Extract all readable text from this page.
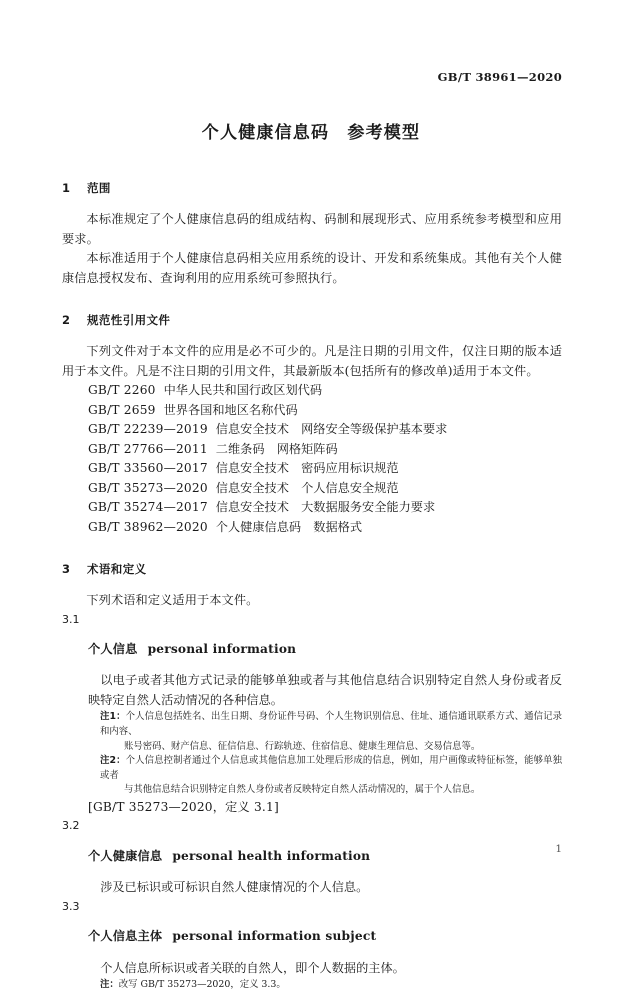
GB/T 38961—2020
个人健康信息码　参考模型
1 范围

本标准规定了个人健康信息码的组成结构、码制和展现形式、应用系统参考模型和应用要求。

本标准适用于个人健康信息码相关应用系统的设计、开发和系统集成。其他有关个人健康信息授权发布、查询利用的应用系统可参照执行。

2 规范性引用文件

下列文件对于本文件的应用是必不可少的。凡是注日期的引用文件，仅注日期的版本适用于本文件。凡是不注日期的引用文件，其最新版本(包括所有的修改单)适用于本文件。

GB/T 2260 中华人民共和国行政区划代码
GB/T 2659 世界各国和地区名称代码
GB/T 22239—2019 信息安全技术　网络安全等级保护基本要求
GB/T 27766—2011 二维条码　网格矩阵码
GB/T 33560—2017 信息安全技术　密码应用标识规范
GB/T 35273—2020 信息安全技术　个人信息安全规范
GB/T 35274—2017 信息安全技术　大数据服务安全能力要求
GB/T 38962—2020 个人健康信息码　数据格式
3 术语和定义

下列术语和定义适用于本文件。

3.1

个人信息 personal information

以电子或者其他方式记录的能够单独或者与其他信息结合识别特定自然人身份或者反映特定自然人活动情况的各种信息。

注1：个人信息包括姓名、出生日期、身份证件号码、个人生物识别信息、住址、通信通讯联系方式、通信记录和内容、
账号密码、财产信息、征信信息、行踪轨迹、住宿信息、健康生理信息、交易信息等。
注2：个人信息控制者通过个人信息或其他信息加工处理后形成的信息，例如，用户画像或特征标签，能够单独或者
与其他信息结合识别特定自然人身份或者反映特定自然人活动情况的，属于个人信息。

[GB/T 35273—2020，定义 3.1]

3.2

个人健康信息 personal health information

涉及已标识或可标识自然人健康情况的个人信息。

3.3

个人信息主体 personal information subject

个人信息所标识或者关联的自然人，即个人数据的主体。

注：改写 GB/T 35273—2020，定义 3.3。
1
